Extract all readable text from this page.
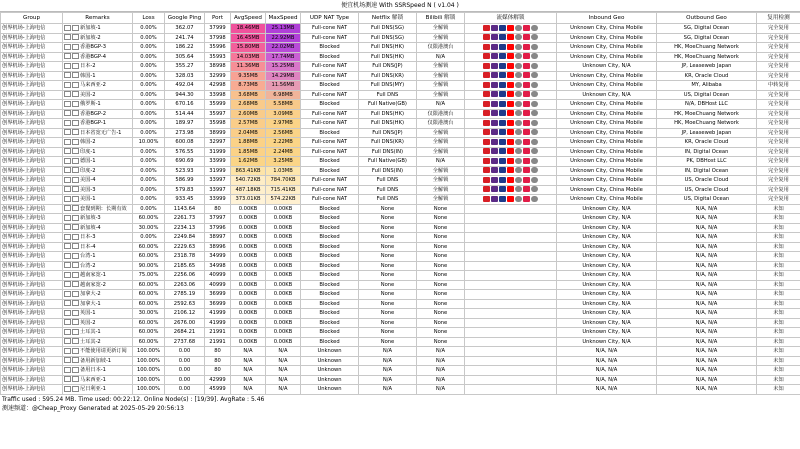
便宜机场测速 With SSRSpeed N ( v1.04 )
Group	Remarks	Loss	Google Ping	Port	AvgSpeed	MaxSpeed	UDP NAT Type	Netflix 解锁	Bilibili 解锁	流媒体解锁	Inbound Geo	Outbound Geo	复用检测
创界机场-上海电信	新加坡-1	0.00%	362.07	37999	18.46MB	25.13MB	Full-cone NAT	Full DNS(SG)	全解锁		Unknown City, China Mobile	SG, Digital Ocean	完全复用
创界机场-上海电信	新加坡-2	0.00%	241.74	37998	16.45MB	22.92MB	Full-cone NAT	Full DNS(SG)	全解锁		Unknown City, China Mobile	SG, Digital Ocean	完全复用
创界机场-上海电信	香港BGP-3	0.00%	186.22	35996	15.80MB	22.02MB	Blocked	Full DNS(HK)	仅限港澳台		Unknown City, China Mobile	HK, MoeChuang Network	完全复用
创界机场-上海电信	香港BGP-4	0.00%	305.64	35993	14.03MB	17.74MB	Blocked	Full DNS(HK)	N/A		Unknown City, China Mobile	HK, MoeChuang Network	完全复用
创界机场-上海电信	日本-2	0.00%	355.27	38998	11.36MB	15.25MB	Full-cone NAT	Full DNS(JP)	全解锁		Unknown City, N/A	JP, Leaseweb Japan	完全复用
创界机场-上海电信	韩国-1	0.00%	328.03	32999	9.35MB	14.29MB	Full-cone NAT	Full DNS(KR)	全解锁		Unknown City, China Mobile	KR, Oracle Cloud	完全复用
创界机场-上海电信	马来西亚-2	0.00%	492.04	42998	8.73MB	11.56MB	Blocked	Full DNS(MY)	全解锁		Unknown City, China Mobile	MY, Alibaba	中转复用
创界机场-上海电信	美国-2	0.00%	944.30	33998	3.68MB	6.98MB	Full-cone NAT	Full DNS	全解锁		Unknown City, N/A	US, Digital Ocean	完全复用
创界机场-上海电信	俄罗斯-1	0.00%	670.16	35999	2.68MB	5.58MB	Blocked	Full Native(GB)	N/A		Unknown City, China Mobile	N/A, DBHost LLC	完全复用
创界机场-上海电信	香港BGP-2	0.00%	514.44	35997	2.60MB	3.09MB	Full-cone NAT	Full DNS(HK)	仅限港澳台		Unknown City, China Mobile	HK, MoeChuang Network	完全复用
创界机场-上海电信	香港BGP-1	0.00%	189.97	35998	2.57MB	2.97MB	Full-cone NAT	Full DNS(HK)	仅限港澳台		Unknown City, China Mobile	HK, MoeChuang Network	完全复用
创界机场-上海电信	日本省宽无广告-1	0.00%	273.98	38999	2.04MB	2.56MB	Blocked	Full DNS(JP)	全解锁		Unknown City, China Mobile	JP, Leaseweb Japan	完全复用
创界机场-上海电信	韩国-2	10.00%	600.08	32997	1.88MB	2.22MB	Full-cone NAT	Full DNS(KR)	全解锁		Unknown City, China Mobile	KR, Oracle Cloud	完全复用
创界机场-上海电信	印度-1	0.00%	576.55	31999	1.85MB	2.24MB	Full-cone NAT	Full DNS(IN)	全解锁		Unknown City, China Mobile	IN, Digital Ocean	完全复用
创界机场-上海电信	德国-1	0.00%	690.69	33999	1.62MB	3.25MB	Blocked	Full Native(GB)	N/A		Unknown City, China Mobile	PK, DBHost LLC	完全复用
创界机场-上海电信	印度-2	0.00%	523.93	31999	863.41KB	1.03MB	Blocked	Full DNS(IN)	全解锁		Unknown City, China Mobile	IN, Digital Ocean	完全复用
创界机场-上海电信	美国-4	0.00%	586.99	33997	540.72KB	784.70KB	Full-cone NAT	Full DNS	全解锁		Unknown City, China Mobile	US, Oracle Cloud	完全复用
创界机场-上海电信	美国-3	0.00%	579.83	33997	487.18KB	715.41KB	Full-cone NAT	Full DNS	全解锁		Unknown City, China Mobile	US, Oracle Cloud	完全复用
创界机场-上海电信	美国-1	0.00%	933.45	33999	373.01KB	574.22KB	Full-cone NAT	Full DNS	全解锁		Unknown City, China Mobile	US, Digital Ocean	完全复用
创界机场-上海电信	套餐到期：长期有效	0.00%	1143.64	80	0.00KB	0.00KB	Blocked	None	None		Unknown City, N/A	N/A, N/A	未知
创界机场-上海电信	新加坡-3	60.00%	2261.73	37997	0.00KB	0.00KB	Blocked	None	None		Unknown City, N/A	N/A, N/A	未知
创界机场-上海电信	新加坡-4	30.00%	2234.13	37996	0.00KB	0.00KB	Blocked	None	None		Unknown City, N/A	N/A, N/A	未知
创界机场-上海电信	日本-3	0.00%	2249.84	38997	0.00KB	0.00KB	Blocked	None	None		Unknown City, N/A	N/A, N/A	未知
创界机场-上海电信	日本-4	60.00%	2229.63	38996	0.00KB	0.00KB	Blocked	None	None		Unknown City, N/A	N/A, N/A	未知
创界机场-上海电信	台湾-1	60.00%	2318.78	34999	0.00KB	0.00KB	Blocked	None	None		Unknown City, N/A	N/A, N/A	未知
创界机场-上海电信	台湾-2	90.00%	2185.65	34998	0.00KB	0.00KB	Blocked	None	None		Unknown City, N/A	N/A, N/A	未知
创界机场-上海电信	越南家宽-1	75.00%	2256.06	40999	0.00KB	0.00KB	Blocked	None	None		Unknown City, N/A	N/A, N/A	未知
创界机场-上海电信	越南家宽-2	60.00%	2263.06	40999	0.00KB	0.00KB	Blocked	None	None		Unknown City, N/A	N/A, N/A	未知
创界机场-上海电信	加拿大-2	60.00%	2785.19	36999	0.00KB	0.00KB	Blocked	None	None		Unknown City, N/A	N/A, N/A	未知
创界机场-上海电信	加拿大-1	60.00%	2592.63	36999	0.00KB	0.00KB	Blocked	None	None		Unknown City, N/A	N/A, N/A	未知
创界机场-上海电信	英国-1	30.00%	2106.12	41999	0.00KB	0.00KB	Blocked	None	None		Unknown City, N/A	N/A, N/A	未知
创界机场-上海电信	英国-2	60.00%	2676.00	41999	0.00KB	0.00KB	Blocked	None	None		Unknown City, N/A	N/A, N/A	未知
创界机场-上海电信	土耳其-1	60.00%	2684.21	21991	0.00KB	0.00KB	Blocked	None	None		Unknown City, N/A	N/A, N/A	未知
创界机场-上海电信	土耳其-2	60.00%	2737.68	21991	0.00KB	0.00KB	Blocked	None	None		Unknown City, N/A	N/A, N/A	未知
创界机场-上海电信	不能使用请更新订阅	100.00%	0.00	80	N/A	N/A	Unknown	N/A	N/A		N/A, N/A	N/A, N/A	未知
创界机场-上海电信	备用新加坡-1	100.00%	0.00	80	N/A	N/A	Unknown	N/A	N/A		N/A, N/A	N/A, N/A	未知
创界机场-上海电信	备用日本-1	100.00%	0.00	80	N/A	N/A	Unknown	N/A	N/A		N/A, N/A	N/A, N/A	未知
创界机场-上海电信	马来西亚-1	100.00%	0.00	42999	N/A	N/A	Unknown	N/A	N/A		N/A, N/A	N/A, N/A	未知
创界机场-上海电信	尼日利亚-1	100.00%	0.00	45999	N/A	N/A	Unknown	N/A	N/A		N/A, N/A	N/A, N/A	未知
Traffic used : 595.24 MB. Time used: 00:22:12. Online Node(s) : [19/39]. AvgRate : 5.46
测速频道：@Cheap_Proxy Generated at 2025-05-29 20:56:13
